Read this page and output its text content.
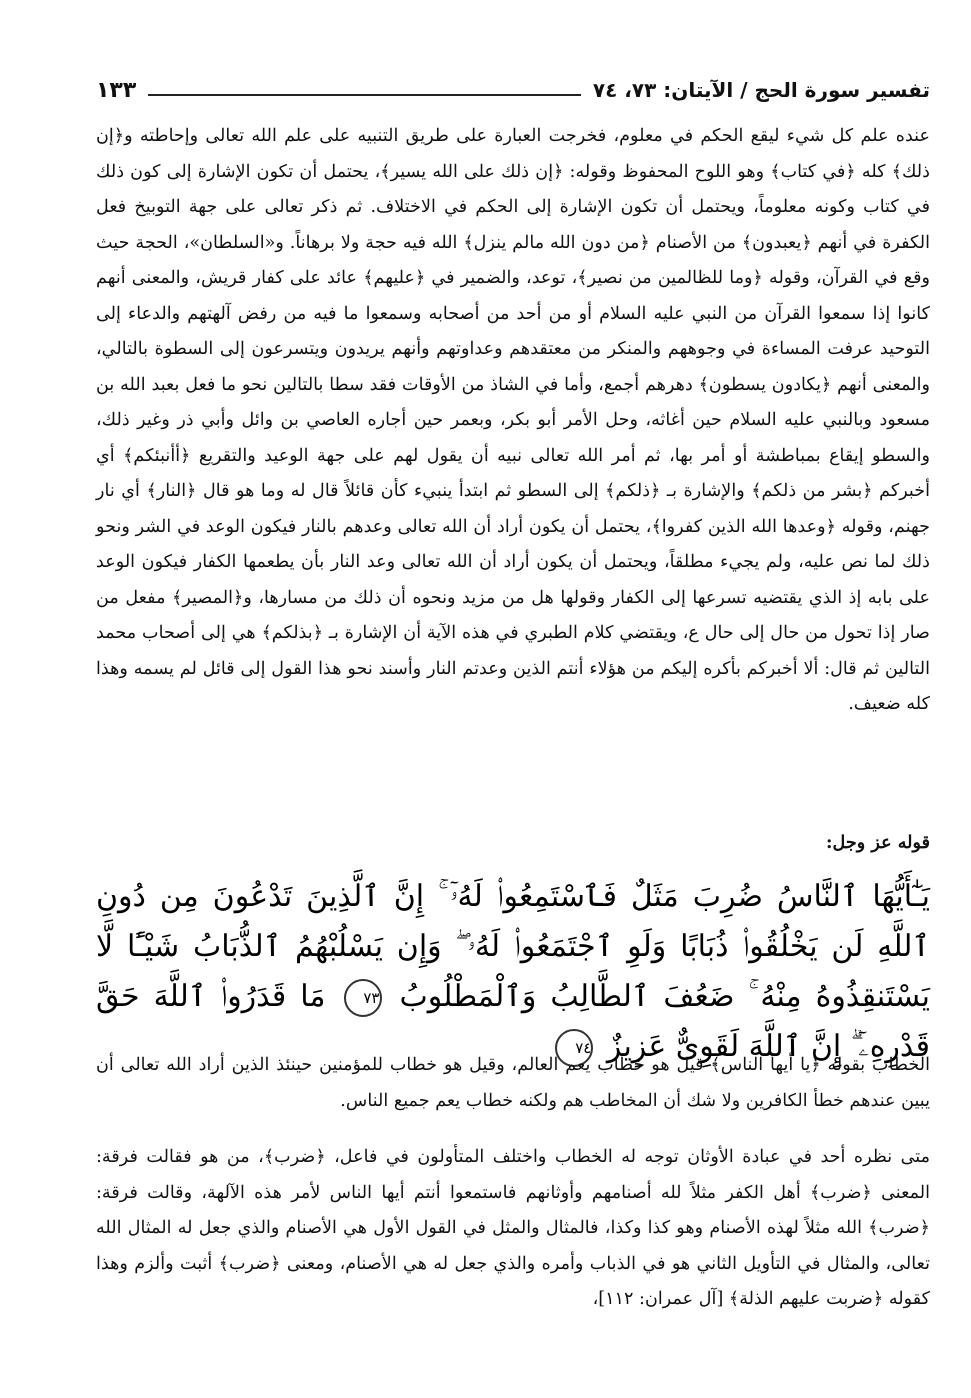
تفسير سورة الحج / الآيتان: ٧٣، ٧٤
١٣٣

عنده علم كل شيء ليقع الحكم في معلوم، فخرجت العبارة على طريق التنبيه على علم الله تعالى وإحاطته و﴿إن ذلك﴾ كله ﴿في كتاب﴾ وهو اللوح المحفوظ وقوله: ﴿إن ذلك على الله يسير﴾، يحتمل أن تكون الإشارة إلى كون ذلك في كتاب وكونه معلوماً، ويحتمل أن تكون الإشارة إلى الحكم في الاختلاف. ثم ذكر تعالى على جهة التوبيخ فعل الكفرة في أنهم ﴿يعبدون﴾ من الأصنام ﴿من دون الله مالم ينزل﴾ الله فيه حجة ولا برهاناً. و«السلطان»، الحجة حيث وقع في القرآن، وقوله ﴿وما للظالمين من نصير﴾، توعد، والضمير في ﴿عليهم﴾ عائد على كفار قريش، والمعنى أنهم كانوا إذا سمعوا القرآن من النبي عليه السلام أو من أحد من أصحابه وسمعوا ما فيه من رفض آلهتهم والدعاء إلى التوحيد عرفت المساءة في وجوههم والمنكر من معتقدهم وعداوتهم وأنهم يريدون ويتسرعون إلى السطوة بالتالي، والمعنى أنهم ﴿يكادون يسطون﴾ دهرهم أجمع، وأما في الشاذ من الأوقات فقد سطا بالتالين نحو ما فعل بعبد الله بن مسعود وبالنبي عليه السلام حين أغاثه، وحل الأمر أبو بكر، وبعمر حين أجاره العاصي بن وائل وأبي ذر وغير ذلك، والسطو إيقاع بمباطشة أو أمر بها، ثم أمر الله تعالى نبيه أن يقول لهم على جهة الوعيد والتقريع ﴿أأنبئكم﴾ أي أخبركم ﴿بشر من ذلكم﴾ والإشارة بـ ﴿ذلكم﴾ إلى السطو ثم ابتدأ ينبيء كأن قائلاً قال له وما هو قال ﴿النار﴾ أي نار جهنم، وقوله ﴿وعدها الله الذين كفروا﴾، يحتمل أن يكون أراد أن الله تعالى وعدهم بالنار فيكون الوعد في الشر ونحو ذلك لما نص عليه، ولم يجيء مطلقاً، ويحتمل أن يكون أراد أن الله تعالى وعد النار بأن يطعمها الكفار فيكون الوعد على بابه إذ الذي يقتضيه تسرعها إلى الكفار وقولها هل من مزيد ونحوه أن ذلك من مسارها، و﴿المصير﴾ مفعل من صار إذا تحول من حال إلى حال ع، ويقتضي كلام الطبري في هذه الآية أن الإشارة بـ ﴿بذلكم﴾ هي إلى أصحاب محمد التالين ثم قال: ألا أخبركم بأكره إليكم من هؤلاء أنتم الذين وعدتم النار وأسند نحو هذا القول إلى قائل لم يسمه وهذا كله ضعيف.

قوله عز وجل:

يَـٰٓأَيُّهَا ٱلنَّاسُ ضُرِبَ مَثَلٌ فَٱسْتَمِعُوا۟ لَهُۥٓ ۚ إِنَّ ٱلَّذِينَ تَدْعُونَ مِن دُونِ ٱللَّهِ لَن يَخْلُقُوا۟ ذُبَابًا وَلَوِ ٱجْتَمَعُوا۟ لَهُۥ ۖ وَإِن يَسْلُبْهُمُ ٱلذُّبَابُ شَيْـًٔا لَّا يَسْتَنقِذُوهُ مِنْهُ ۚ ضَعُفَ ٱلطَّالِبُ وَٱلْمَطْلُوبُ ٧٣ مَا قَدَرُوا۟ ٱللَّهَ حَقَّ قَدْرِهِۦٓ ۗ إِنَّ ٱللَّهَ لَقَوِىٌّ عَزِيزٌ ٧٤

الخطاب بقوله ﴿يا أيها الناس﴾ قيل هو خطاب يعم العالم، وقيل هو خطاب للمؤمنين حينئذ الذين أراد الله تعالى أن يبين عندهم خطأ الكافرين ولا شك أن المخاطب هم ولكنه خطاب يعم جميع الناس.

متى نظره أحد في عبادة الأوثان توجه له الخطاب واختلف المتأولون في فاعل، ﴿ضرب﴾، من هو فقالت فرقة: المعنى ﴿ضرب﴾ أهل الكفر مثلاً لله أصنامهم وأوثانهم فاستمعوا أنتم أيها الناس لأمر هذه الآلهة، وقالت فرقة: ﴿ضرب﴾ الله مثلاً لهذه الأصنام وهو كذا وكذا، فالمثال والمثل في القول الأول هي الأصنام والذي جعل له المثال الله تعالى، والمثال في التأويل الثاني هو في الذباب وأمره والذي جعل له هي الأصنام، ومعنى ﴿ضرب﴾ أثبت وألزم وهذا كقوله ﴿ضربت عليهم الذلة﴾ [آل عمران: ١١٢]،
